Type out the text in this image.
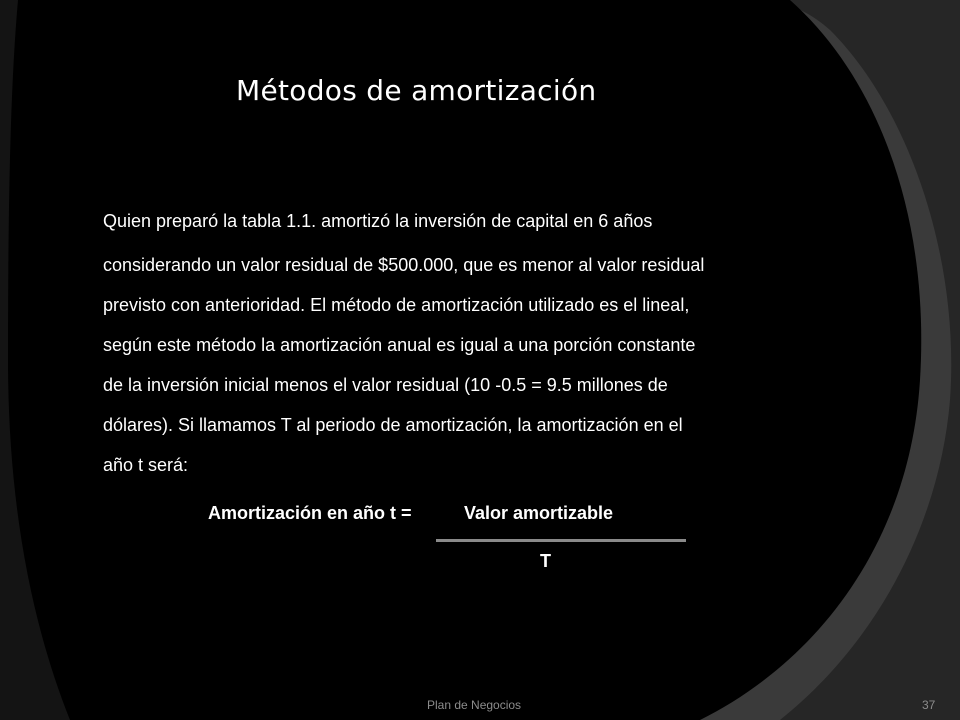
Métodos de amortización
Quien preparó la tabla 1.1. amortizó la inversión de capital en 6 años
considerando un valor residual de $500.000, que es menor al valor residual
previsto con anterioridad. El método de amortización utilizado es el lineal,
según este método la amortización anual es igual a una porción constante
de la inversión inicial menos el valor residual (10 -0.5 = 9.5 millones de
dólares). Si llamamos T al periodo de amortización, la amortización en el
año t será:
Amortización en año t =	Valor amortizable
T
Plan de Negocios	37
